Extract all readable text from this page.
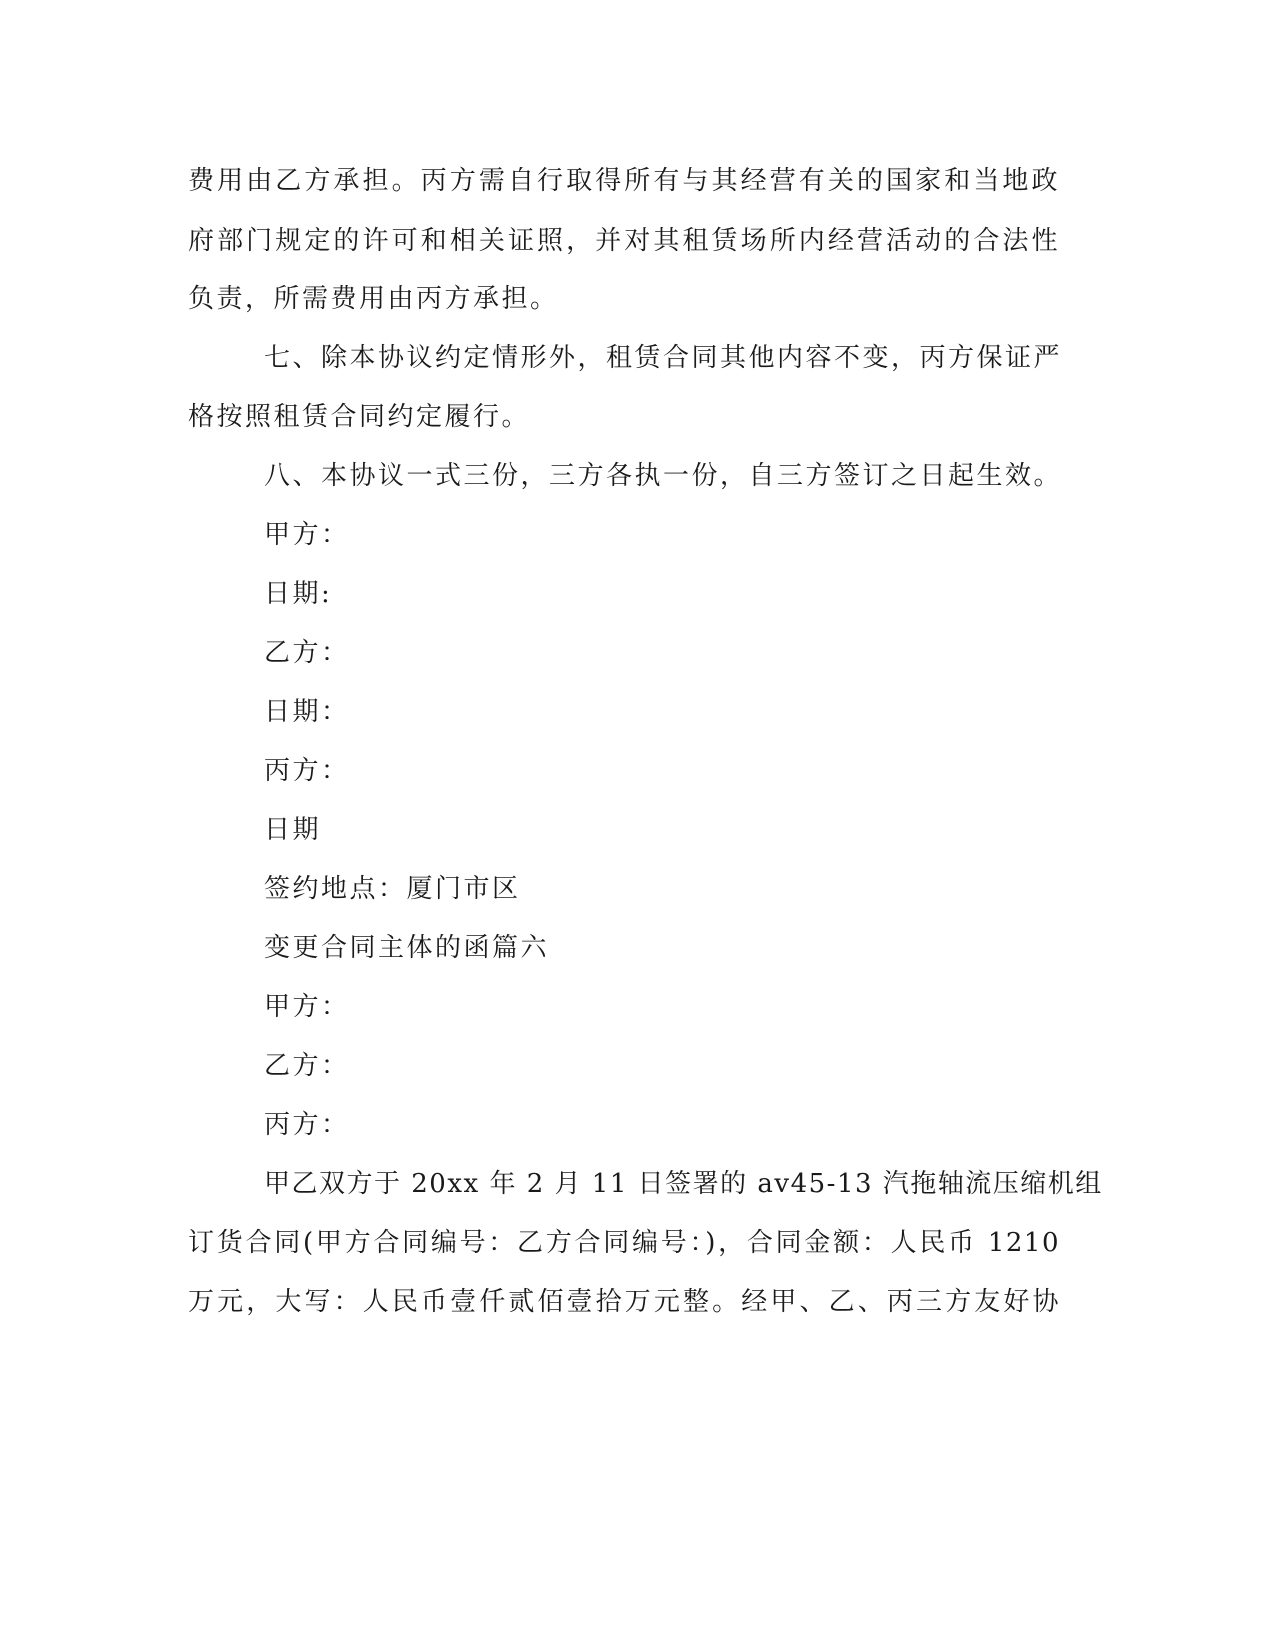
费用由乙方承担。丙方需自行取得所有与其经营有关的国家和当地政
府部门规定的许可和相关证照，并对其租赁场所内经营活动的合法性
负责，所需费用由丙方承担。
七、除本协议约定情形外，租赁合同其他内容不变，丙方保证严
格按照租赁合同约定履行。
八、本协议一式三份，三方各执一份，自三方签订之日起生效。
甲方：
日期:
乙方：
日期：
丙方：
日期
签约地点：厦门市区
变更合同主体的函篇六
甲方：
乙方：
丙方：
甲乙双方于 20xx 年 2 月 11 日签署的 av45-13 汽拖轴流压缩机组
订货合同(甲方合同编号：乙方合同编号：)，合同金额：人民币 1210
万元，大写：人民币壹仟贰佰壹拾万元整。经甲、乙、丙三方友好协
